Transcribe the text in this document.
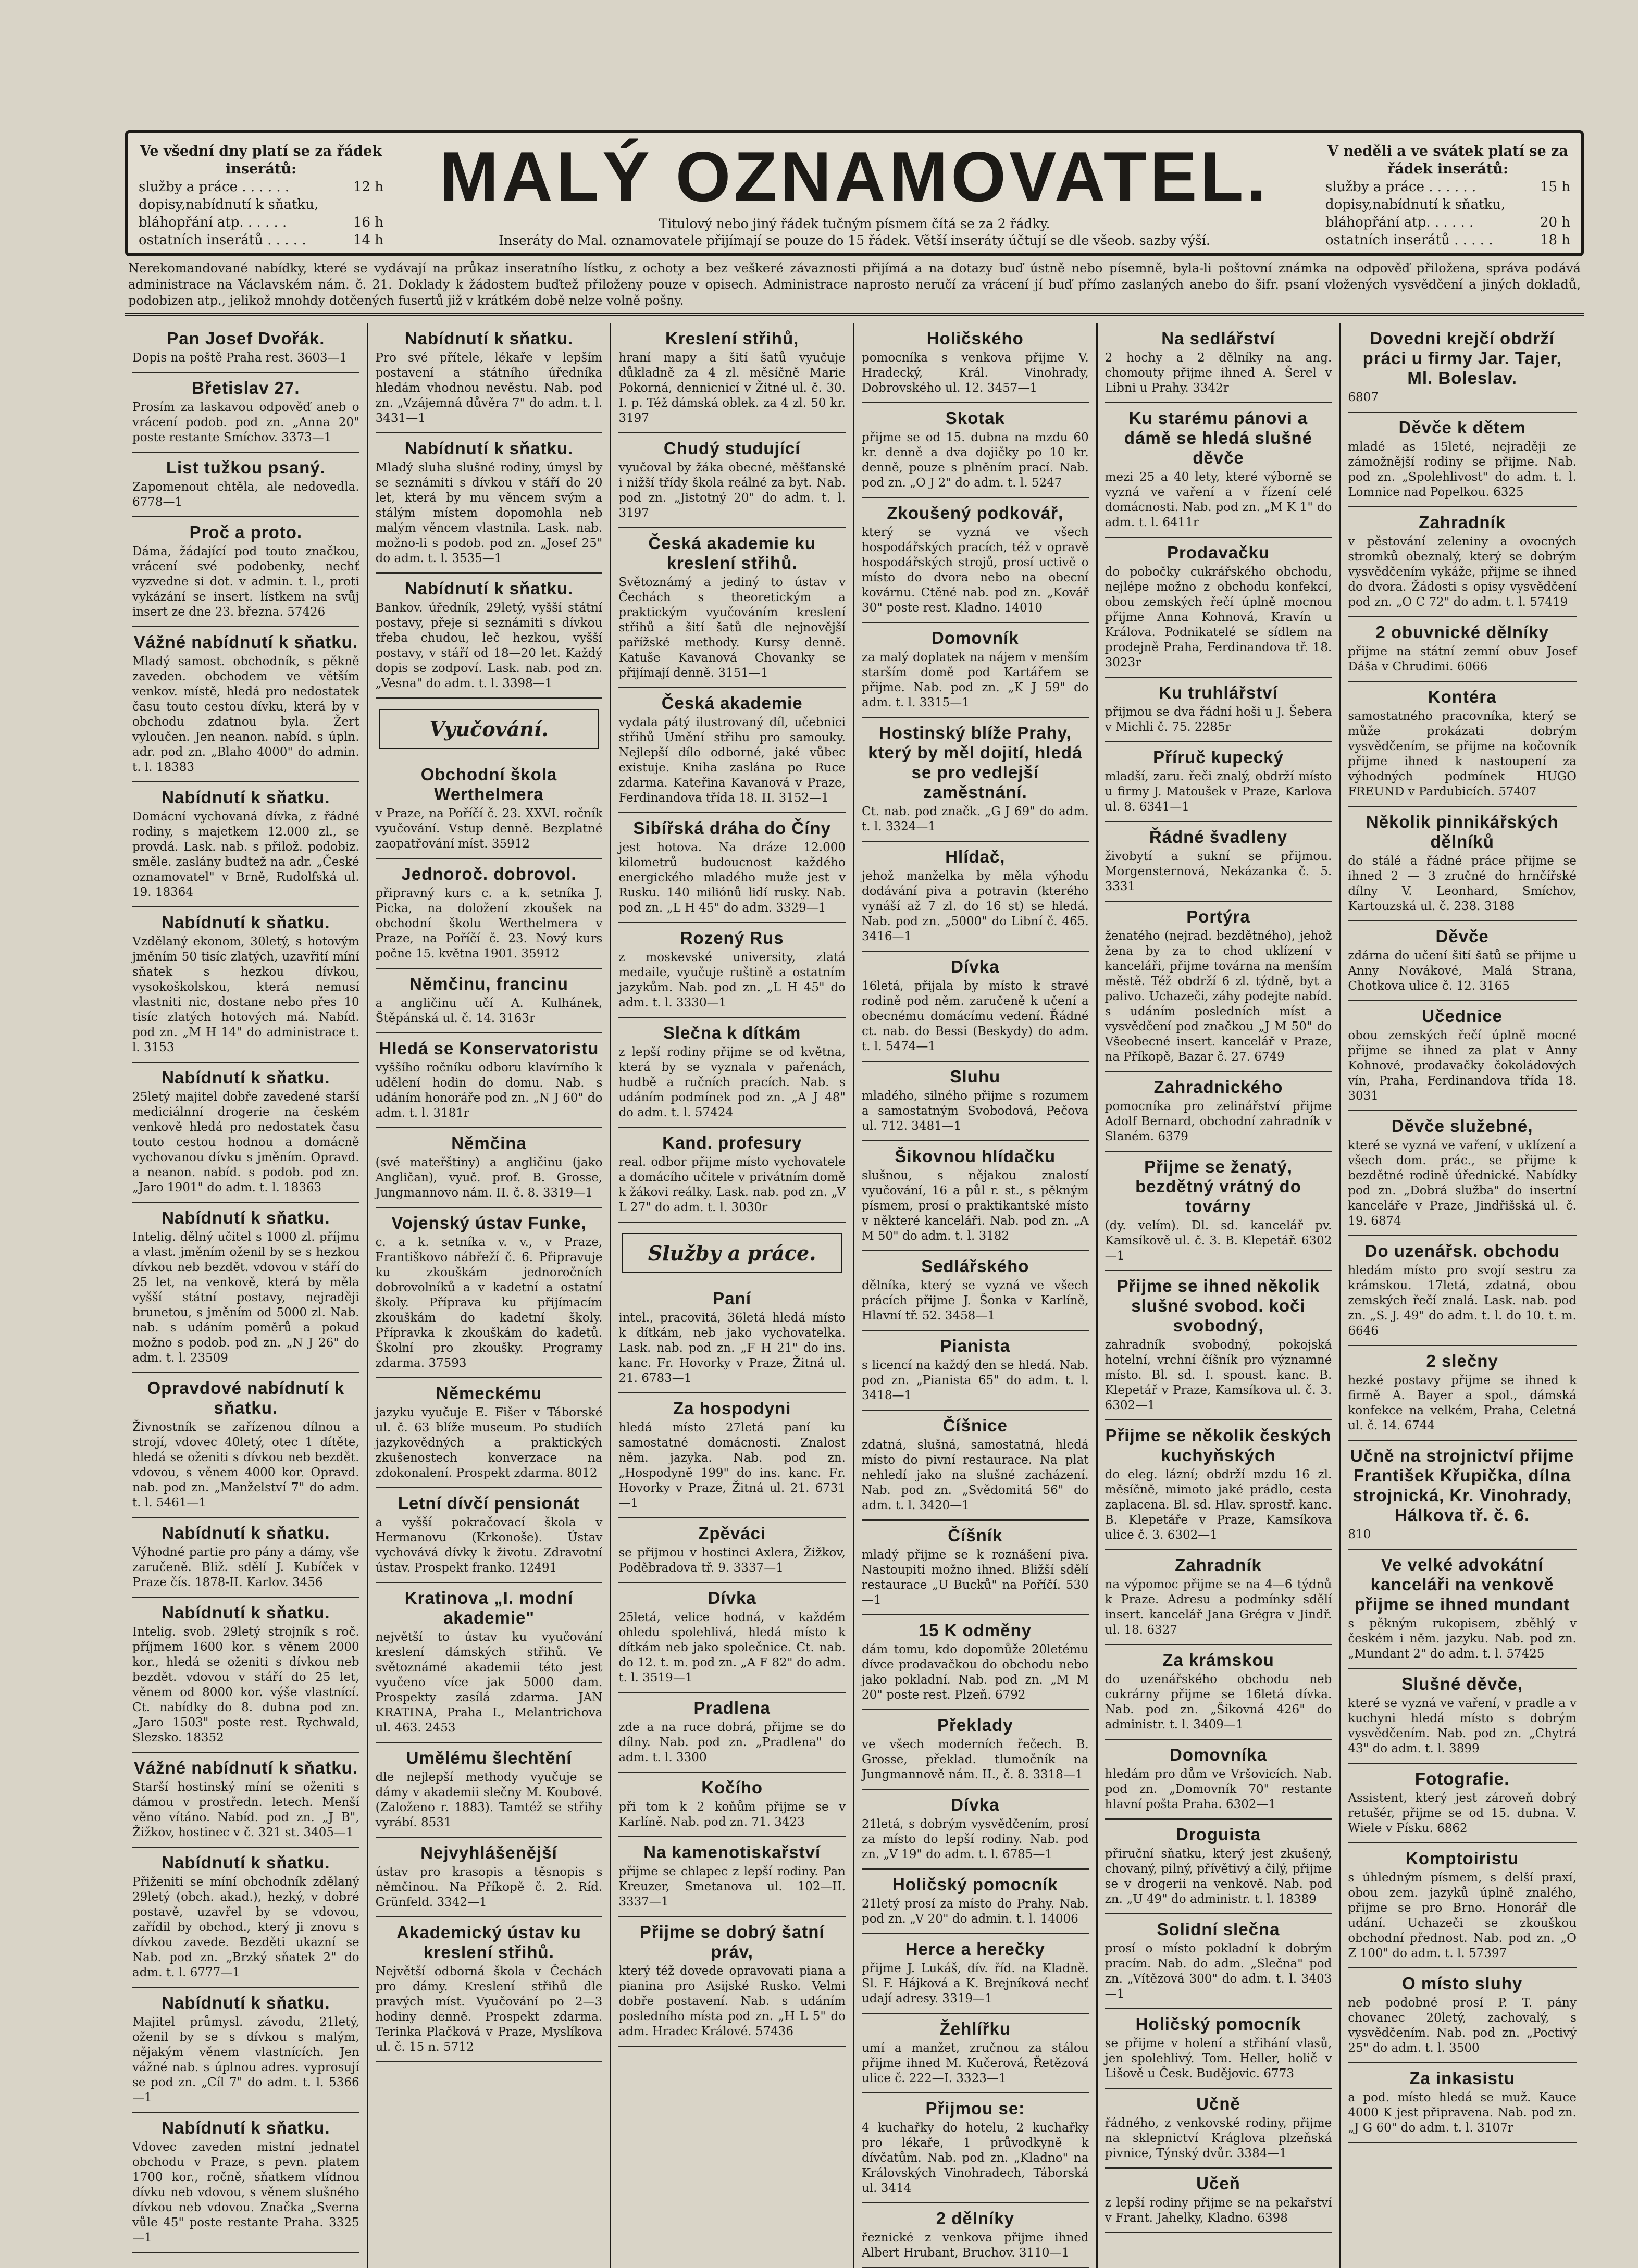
Ve všední dny platí se za řádek inserátů:
služby a práce . . . . . .	12 h
dopisy,nabídnutí k sňatku,
bláhopřání atp. . . . . .	16 h
ostatních inserátů . . . . .	14 h
MALÝ OZNAMOVATEL.
Titulový nebo jiný řádek tučným písmem čítá se za 2 řádky.
Inseráty do Mal. oznamovatele přijímají se pouze do 15 řádek. Větší inseráty účtují se dle všeob. sazby výší.
V neděli a ve svátek platí se za řádek inserátů:
služby a práce . . . . . .	15 h
dopisy,nabídnutí k sňatku,
bláhopřání atp. . . . . .	20 h
ostatních inserátů . . . . .	18 h
Nerekomandované nabídky, které se vydávají na průkaz inseratního lístku, z ochoty a bez veškeré závaznosti přijímá a na dotazy buď ústně nebo písemně, byla-li poštovní známka na odpověď přiložena, správa podává administrace na Václavském nám. č. 21. Doklady k žádostem buďtež přiloženy pouze v opisech. Administrace naprosto neručí za vrácení jí buď přímo zaslaných anebo do šifr. psaní vložených vysvědčení a jiných dokladů, podobizen atp., jelikož mnohdy dotčených fusertů již v krátkém době nelze volně pošny.
Pan Josef Dvořák.

Dopis na poště Praha rest. 3603—1

Břetislav 27.

Prosím za laskavou odpověď aneb o vrácení podob. pod zn. „Anna 20" poste restante Smíchov. 3373—1

List tužkou psaný.

Zapomenout chtěla, ale nedovedla. 6778—1

Proč a proto.

Dáma, žádající pod touto značkou, vrácení své podobenky, nechť vyzvedne si dot. v admin. t. l., proti vykázání se insert. lístkem na svůj insert ze dne 23. března. 57426

Vážné nabídnutí k sňatku.

Mladý samost. obchodník, s pěkně zaveden. obchodem ve větším venkov. místě, hledá pro nedostatek času touto cestou dívku, která by v obchodu zdatnou byla. Žert vyloučen. Jen neanon. nabíd. s úpln. adr. pod zn. „Blaho 4000" do admin. t. l. 18383

Nabídnutí k sňatku.

Domácní vychovaná dívka, z řádné rodiny, s majetkem 12.000 zl., se provdá. Lask. nab. s přilož. podobiz. směle. zaslány budtež na adr. „České oznamovatel" v Brně, Rudolfská ul. 19. 18364

Nabídnutí k sňatku.

Vzdělaný ekonom, 30letý, s hotovým jměním 50 tisíc zlatých, uzavřití míní sňatek s hezkou dívkou, vysokoškolskou, která nemusí vlastniti nic, dostane nebo přes 10 tisíc zlatých hotových má. Nabíd. pod zn. „M H 14" do administrace t. l. 3153

Nabídnutí k sňatku.

25letý majitel dobře zavedené starší mediciálnní drogerie na českém venkově hledá pro nedostatek času touto cestou hodnou a domácně vychovanou dívku s jměním. Opravd. a neanon. nabíd. s podob. pod zn. „Jaro 1901" do adm. t. l. 18363

Nabídnutí k sňatku.

Intelig. dělný učitel s 1000 zl. příjmu a vlast. jměním oženil by se s hezkou dívkou neb bezdět. vdovou v stáří do 25 let, na venkově, která by měla vyšší státní postavy, nejraději brunetou, s jměním od 5000 zl. Nab. nab. s udáním poměrů a pokud možno s podob. pod zn. „N J 26" do adm. t. l. 23509

Opravdové nabídnutí k sňatku.

Živnostník se zařízenou dílnou a strojí, vdovec 40letý, otec 1 dítěte, hledá se oženiti s dívkou neb bezdět. vdovou, s věnem 4000 kor. Opravd. nab. pod zn. „Manželství 7" do adm. t. l. 5461—1

Nabídnutí k sňatku.

Výhodné partie pro pány a dámy, vše zaručeně. Bliž. sdělí J. Kubíček v Praze čís. 1878-II. Karlov. 3456

Nabídnutí k sňatku.

Intelig. svob. 29letý strojník s roč. příjmem 1600 kor. s věnem 2000 kor., hledá se oženiti s dívkou neb bezdět. vdovou v stáří do 25 let, věnem od 8000 kor. výše vlastnící. Ct. nabídky do 8. dubna pod zn. „Jaro 1503" poste rest. Rychwald, Slezsko. 18352

Vážné nabídnutí k sňatku.

Starší hostinský míní se oženiti s dámou v prostředn. letech. Menší věno vítáno. Nabíd. pod zn. „J B", Žižkov, hostinec v č. 321 st. 3405—1

Nabídnutí k sňatku.

Přiženiti se míní obchodník zdělaný 29letý (obch. akad.), hezký, v dobré postavě, uzavřel by se vdovou, zařídil by obchod., který ji znovu s dívkou zavede. Bezděti ukazní se Nab. pod zn. „Brzký sňatek 2" do adm. t. l. 6777—1

Nabídnutí k sňatku.

Majitel průmysl. závodu, 21letý, oženil by se s dívkou s malým, nějakým věnem vlastnících. Jen vážné nab. s úplnou adres. vyprosují se pod zn. „Cíl 7" do adm. t. l. 5366—1

Nabídnutí k sňatku.

Vdovec zaveden mistní jednatel obchodu v Praze, s pevn. platem 1700 kor., ročně, sňatkem vlídnou dívku neb vdovou, s věnem slušného dívkou neb vdovou. Značka „Sverna vůle 45" poste restante Praha. 3325—1

Nabídnutí k sňatku.

Pro své přítele, lékaře v lepším postavení a státního úředníka hledám vhodnou nevěstu. Nab. pod zn. „Vzájemná důvěra 7" do adm. t. l. 3431—1

Nabídnutí k sňatku.

Mladý sluha slušné rodiny, úmysl by se seznámiti s dívkou v stáří do 20 let, která by mu věncem svým a stálým místem dopomohla neb malým věncem vlastnila. Lask. nab. možno-li s podob. pod zn. „Josef 25" do adm. t. l. 3535—1

Nabídnutí k sňatku.

Bankov. úředník, 29letý, vyšší státní postavy, přeje si seznámiti s dívkou třeba chudou, leč hezkou, vyšší postavy, v stáří od 18—20 let. Každý dopis se zodpoví. Lask. nab. pod zn. „Vesna" do adm. t. l. 3398—1

Vyučování.
Obchodní škola Werthelmera

v Praze, na Poříčí č. 23. XXVI. ročník vyučování. Vstup denně. Bezplatné zaopatřování míst. 35912

Jednoroč. dobrovol.

připravný kurs c. a k. setníka J. Picka, na doložení zkoušek na obchodní školu Werthelmera v Praze, na Poříčí č. 23. Nový kurs počne 15. května 1901. 35912

Němčinu, francinu

a angličinu učí A. Kulhánek, Štěpánská ul. č. 14. 3163r

Hledá se Konservatoristu

vyššího ročníku odboru klavírního k udělení hodin do domu. Nab. s udáním honoráře pod zn. „N J 60" do adm. t. l. 3181r

Němčina

(své mateřštiny) a angličinu (jako Angličan), vyuč. prof. B. Grosse, Jungmannovo nám. II. č. 8. 3319—1

Vojenský ústav Funke,

c. a k. setníka v. v., v Praze, Františkovo nábřeží č. 6. Připravuje ku zkouškám jednoročních dobrovolníků a v kadetní a ostatní školy. Příprava ku přijímacím zkouškám do kadetní školy. Přípravka k zkouškám do kadetů. Školní pro zkoušky. Programy zdarma. 37593

Německému

jazyku vyučuje E. Fišer v Táborské ul. č. 63 blíže museum. Po studiích jazykovědných a praktických zkušenostech konverzace na zdokonalení. Prospekt zdarma. 8012

Letní dívčí pensionát

a vyšší pokračovací škola v Hermanovu (Krkonoše). Ústav vychovává dívky k životu. Zdravotní ústav. Prospekt franko. 12491

Kratinova „I. modní akademie"

největší to ústav ku vyučování kreslení dámských střihů. Ve světoznámé akademii této jest vyučeno více jak 5000 dam. Prospekty zasílá zdarma. JAN KRATINA, Praha I., Melantrichova ul. 463. 2453

Umělému šlechtění

dle nejlepší methody vyučuje se dámy v akademii slečny M. Koubové. (Založeno r. 1883). Tamtéž se střihy vyrábí. 8531

Nejvyhlášenější

ústav pro krasopis a těsnopis s němčinou. Na Příkopě č. 2. Ríd. Grünfeld. 3342—1

Akademický ústav ku kreslení střihů.

Největší odborná škola v Čechách pro dámy. Kreslení střihů dle pravých míst. Vyučování po 2—3 hodiny denně. Prospekt zdarma. Terinka Plačková v Praze, Myslíkova ul. č. 15 n. 5712

Kreslení střihů,

hraní mapy a šití šatů vyučuje důkladně za 4 zl. měsíčně Marie Pokorná, dennicnicí v Žitné ul. č. 30. I. p. Též dámská oblek. za 4 zl. 50 kr. 3197

Chudý studující

vyučoval by žáka obecné, měšťanské i nižší třídy škola reálné za byt. Nab. pod zn. „Jistotný 20" do adm. t. l. 3197

Česká akademie ku kreslení střihů.

Světoznámý a jediný to ústav v Čechách s theoretickým a praktickým vyučováním kreslení střihů a šití šatů dle nejnovější pařížské methody. Kursy denně. Katuše Kavanová Chovanky se přijímají denně. 3151—1

Česká akademie

vydala pátý ilustrovaný díl, učebnici střihů Umění střihu pro samouky. Nejlepší dílo odborné, jaké vůbec existuje. Kniha zaslána po Ruce zdarma. Kateřina Kavanová v Praze, Ferdinandova třída 18. II. 3152—1

Sibířská dráha do Číny

jest hotova. Na dráze 12.000 kilometrů budoucnost každého energického mladého muže jest v Rusku. 140 miliónů lidí rusky. Nab. pod zn. „L H 45" do adm. 3329—1

Rozený Rus

z moskevské university, zlatá medaile, vyučuje ruštině a ostatním jazykům. Nab. pod zn. „L H 45" do adm. t. l. 3330—1

Slečna k dítkám

z lepší rodiny přijme se od května, která by se vyznala v pařenách, hudbě a ručních pracích. Nab. s udáním podmínek pod zn. „A J 48" do adm. t. l. 57424

Kand. profesury

real. odbor přijme místo vychovatele a domácího učitele v privátním domě k žákovi reálky. Lask. nab. pod zn. „V L 27" do adm. t. l. 3030r

Služby a práce.
Paní

intel., pracovitá, 36letá hledá místo k dítkám, neb jako vychovatelka. Lask. nab. pod zn. „F H 21" do ins. kanc. Fr. Hovorky v Praze, Žitná ul. 21. 6783—1

Za hospodyni

hledá místo 27letá paní ku samostatné domácnosti. Znalost něm. jazyka. Nab. pod zn. „Hospodyně 199" do ins. kanc. Fr. Hovorky v Praze, Žitná ul. 21. 6731—1

Zpěváci

se přijmou v hostinci Axlera, Žižkov, Poděbradova tř. 9. 3337—1

Dívka

25letá, velice hodná, v každém ohledu spolehlivá, hledá místo k dítkám neb jako společnice. Ct. nab. do 12. t. m. pod zn. „A F 82" do adm. t. l. 3519—1

Pradlena

zde a na ruce dobrá, přijme se do dílny. Nab. pod zn. „Pradlena" do adm. t. l. 3300

Kočího

při tom k 2 koňům přijme se v Karlíně. Nab. pod zn. 71. 3423

Na kamenotiskařství

přijme se chlapec z lepší rodiny. Pan Kreuzer, Smetanova ul. 102—II. 3337—1

Přijme se dobrý šatní práv,

který též dovede opravovati piana a pianina pro Asijské Rusko. Velmi dobře postavení. Nab. s udáním posledního místa pod zn. „H L 5" do adm. Hradec Králové. 57436

Holičského

pomocníka s venkova přijme V. Hradecký, Král. Vinohrady, Dobrovského ul. 12. 3457—1

Skotak

přijme se od 15. dubna na mzdu 60 kr. denně a dva dojičky po 10 kr. denně, pouze s plněním prací. Nab. pod zn. „O J 2" do adm. t. l. 5247

Zkoušený podkovář,

který se vyzná ve všech hospodářských pracích, též v opravě hospodářských strojů, prosí uctivě o místo do dvora nebo na obecní kovárnu. Ctěné nab. pod zn. „Kovář 30" poste rest. Kladno. 14010

Domovník

za malý doplatek na nájem v menším starším domě pod Kartářem se přijme. Nab. pod zn. „K J 59" do adm. t. l. 3315—1

Hostinský blíže Prahy, který by měl dojití, hledá se pro vedlejší zaměstnání.

Ct. nab. pod značk. „G J 69" do adm. t. l. 3324—1

Hlídač,

jehož manželka by měla výhodu dodávání piva a potravin (kterého vynáší až 7 zl. do 16 st) se hledá. Nab. pod zn. „5000" do Libní č. 465. 3416—1

Dívka

16letá, přijala by místo k stravé rodině pod něm. zaručeně k učení a obecnému domácímu vedení. Řádné ct. nab. do Bessi (Beskydy) do adm. t. l. 5474—1

Sluhu

mladého, silného přijme s rozumem a samostatným Svobodová, Pečova ul. 712. 3481—1

Šikovnou hlídačku

slušnou, s nějakou znalostí vyučování, 16 a půl r. st., s pěkným písmem, prosí o praktikantské místo v některé kanceláři. Nab. pod zn. „A M 50" do adm. t. l. 3182

Sedlářského

dělníka, který se vyzná ve všech prácích přijme J. Šonka v Karlíně, Hlavní tř. 52. 3458—1

Pianista

s licencí na každý den se hledá. Nab. pod zn. „Pianista 65" do adm. t. l. 3418—1

Číšnice

zdatná, slušná, samostatná, hledá místo do pivní restaurace. Na plat nehledí jako na slušné zacházení. Nab. pod zn. „Svědomitá 56" do adm. t. l. 3420—1

Číšník

mladý přijme se k roznášení piva. Nastoupiti možno ihned. Bližší sdělí restaurace „U Bucků" na Poříčí. 530—1

15 K odměny

dám tomu, kdo dopomůže 20letému dívce prodavačkou do obchodu nebo jako pokladní. Nab. pod zn. „M M 20" poste rest. Plzeň. 6792

Překlady

ve všech moderních řečech. B. Grosse, překlad. tlumočník na Jungmannově nám. II., č. 8. 3318—1

Dívka

21letá, s dobrým vysvědčením, prosí za místo do lepší rodiny. Nab. pod zn. „V 19" do adm. t. l. 6785—1

Holičský pomocník

21letý prosí za místo do Prahy. Nab. pod zn. „V 20" do admin. t. l. 14006

Herce a herečky

přijme J. Lukáš, dív. říd. na Kladně. Sl. F. Hájková a K. Brejníková nechť udají adresy. 3319—1

Žehlířku

umí a manžet, zručnou za stálou přijme ihned M. Kučerová, Řetězová ulice č. 222—I. 3323—1

Přijmou se:

4 kuchařky do hotelu, 2 kuchařky pro lékaře, 1 průvodkyně k dívčatům. Nab. pod zn. „Kladno" na Královských Vinohradech, Táborská ul. 3414

2 dělníky

řeznické z venkova přijme ihned Albert Hrubant, Bruchov. 3110—1

Na sedlářství

2 hochy a 2 dělníky na ang. chomouty přijme ihned A. Šerel v Libni u Prahy. 3342r

Ku starému pánovi a dámě se hledá slušné děvče

mezi 25 a 40 lety, které výborně se vyzná ve vaření a v řízení celé domácnosti. Nab. pod zn. „M K 1" do adm. t. l. 6411r

Prodavačku

do pobočky cukrářského obchodu, nejlépe možno z obchodu konfekcí, obou zemských řečí úplně mocnou přijme Anna Kohnová, Kravín u Králova. Podnikatelé se sídlem na prodejně Praha, Ferdinandova tř. 18. 3023r

Ku truhlářství

přijmou se dva řádní hoši u J. Šebera v Michli č. 75. 2285r

Příruč kupecký

mladší, zaru. řeči znalý, obdrží místo u firmy J. Matoušek v Praze, Karlova ul. 8. 6341—1

Řádné švadleny

živobytí a sukní se přijmou. Morgensternová, Nekázanka č. 5. 3331

Portýra

ženatého (nejrad. bezdětného), jehož žena by za to chod uklízení v kanceláři, přijme továrna na menším městě. Též obdrží 6 zl. týdně, byt a palivo. Uchazeči, záhy podejte nabíd. s udáním posledních míst a vysvědčení pod značkou „J M 50" do Všeobecné insert. kancelář v Praze, na Příkopě, Bazar č. 27. 6749

Zahradnického

pomocníka pro zelinářství přijme Adolf Bernard, obchodní zahradník v Slaném. 6379

Přijme se ženatý, bezdětný vrátný do továrny

(dy. velím). Dl. sd. kancelář pv. Kamsíkově ul. č. 3. B. Klepetář. 6302—1

Přijme se ihned několik slušné svobod. koči svobodný,

zahradník svobodný, pokojská hotelní, vrchní číšník pro významné místo. Bl. sd. I. spoust. kanc. B. Klepetář v Praze, Kamsíkova ul. č. 3. 6302—1

Přijme se několik českých kuchyňských

do eleg. lázní; obdrží mzdu 16 zl. měsíčně, mimoto jaké prádlo, cesta zaplacena. Bl. sd. Hlav. sprostř. kanc. B. Klepetáře v Praze, Kamsíkova ulice č. 3. 6302—1

Zahradník

na výpomoc přijme se na 4—6 týdnů k Praze. Adresu a podmínky sdělí insert. kancelář Jana Grégra v Jindř. ul. 18. 6327

Za krámskou

do uzenářského obchodu neb cukrárny přijme se 16letá dívka. Nab. pod zn. „Šikovná 426" do administr. t. l. 3409—1

Domovníka

hledám pro dům ve Vršovicích. Nab. pod zn. „Domovník 70" restante hlavní pošta Praha. 6302—1

Droguista

přiruční sňatku, který jest zkušený, chovaný, pilný, přívětivý a čilý, přijme se v drogerii na venkově. Nab. pod zn. „U 49" do administr. t. l. 18389

Solidní slečna

prosí o místo pokladní k dobrým pracím. Nab. do adm. „Slečna" pod zn. „Vítězová 300" do adm. t. l. 3403—1

Holičský pomocník

se přijme v holení a střihání vlasů, jen spolehlivý. Tom. Heller, holič v Lišově u Česk. Budějovic. 6773

Učně

řádného, z venkovské rodiny, přijme na sklepnictví Kráglova plzeňská pivnice, Týnský dvůr. 3384—1

Učeň

z lepší rodiny přijme se na pekařství v Frant. Jahelky, Kladno. 6398

Dovedni krejčí obdrží práci u firmy Jar. Tajer, Ml. Boleslav.

6807

Děvče k dětem

mladé as 15leté, nejraději ze zámožnější rodiny se přijme. Nab. pod zn. „Spolehlivost" do adm. t. l. Lomnice nad Popelkou. 6325

Zahradník

v pěstování zeleniny a ovocných stromků obeznalý, který se dobrým vysvědčením vykáže, přijme se ihned do dvora. Žádosti s opisy vysvědčení pod zn. „O C 72" do adm. t. l. 57419

2 obuvnické dělníky

přijme na státní zemní obuv Josef Dáša v Chrudimi. 6066

Kontéra

samostatného pracovníka, který se může prokázati dobrým vysvědčením, se přijme na kočovník přijme ihned k nastoupení za výhodných podmínek HUGO FREUND v Pardubicích. 57407

Několik pinnikářských dělníků

do stálé a řádné práce přijme se ihned 2 — 3 zručné do hrnčířské dílny V. Leonhard, Smíchov, Kartouzská ul. č. 238. 3188

Děvče

zdárna do učení šití šatů se přijme u Anny Novákové, Malá Strana, Chotkova ulice č. 12. 3165

Učednice

obou zemských řečí úplně mocné přijme se ihned za plat v Anny Kohnové, prodavačky čokoládových vín, Praha, Ferdinandova třída 18. 3031

Děvče služebné,

které se vyzná ve vaření, v uklízení a všech dom. prác., se přijme k bezdětné rodině úřednické. Nabídky pod zn. „Dobrá služba" do insertní kanceláře v Praze, Jindřišská ul. č. 19. 6874

Do uzenářsk. obchodu

hledám místo pro svojí sestru za krámskou. 17letá, zdatná, obou zemských řečí znalá. Lask. nab. pod zn. „S. J. 49" do adm. t. l. do 10. t. m. 6646

2 slečny

hezké postavy přijme se ihned k firmě A. Bayer a spol., dámská konfekce na velkém, Praha, Celetná ul. č. 14. 6744

Učně na strojnictví přijme František Křupička, dílna strojnická, Kr. Vinohrady, Hálkova tř. č. 6.

810

Ve velké advokátní kanceláři na venkově přijme se ihned mundant

s pěkným rukopisem, zběhlý v českém i něm. jazyku. Nab. pod zn. „Mundant 2" do adm. t. l. 57425

Slušné děvče,

které se vyzná ve vaření, v pradle a v kuchyni hledá místo s dobrým vysvědčením. Nab. pod zn. „Chytrá 43" do adm. t. l. 3899

Fotografie.

Assistent, který jest zároveň dobrý retušér, přijme se od 15. dubna. V. Wiele v Písku. 6862

Komptoiristu

s úhledným písmem, s delší praxí, obou zem. jazyků úplně znalého, přijme se pro Brno. Honorář dle udání. Uchazeči se zkouškou obchodní přednost. Nab. pod zn. „O Z 100" do adm. t. l. 57397

O místo sluhy

neb podobné prosí P. T. pány chovanec 20letý, zachovalý, s vysvědčením. Nab. pod zn. „Poctivý 25" do adm. t. l. 3500

Za inkasistu

a pod. místo hledá se muž. Kauce 4000 K jest připravena. Nab. pod zn. „J G 60" do adm. t. l. 3107r
